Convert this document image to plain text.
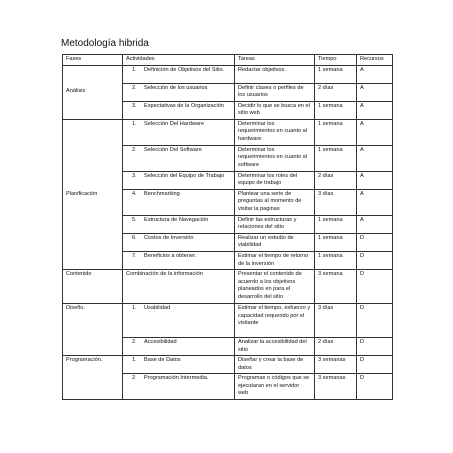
Metodología hibrida
Fases	Actividades	Tareas	Tiempo	Recursos
Análisis	1. Definición de Objetivos del Sitio.	Redactar objetivos.	1 semana	A
	2. Selección de los usuarios	Definir clases o perfiles de los usuarios	2 días	A
	3. Expectativas de la Organización	Decidir lo que se busca en el sitio web	1 semana	A
Planificación	1. Selección Del Hardware	Determinar los requerimientos en cuanto al hardware	1 semana	A
	2. Selección Del Software	Determinar los requerimientos en cuanto al software	1 semana	A
	3. Selección del Equipo de Trabajo	Determinar los roles del equipo de trabajo	2 días	A
	4. Benchmarking	Plantear una serie de preguntas al momento de visitar la paginas	3 días	A
	5. Estructura de Navegación	Definir las estructuras y relaciones del sitio	1 semana	A
	6. Costos de Inversión	Realizar un estudio de viabilidad	1 semana	D
	7. Beneficios a obtener.	Estimar el tiempo de retorno de la inversión	1 semana	D
Contenido	Combinación de la información	Presentar el contenido de acuerdo a los objetivos planeados en para el desarrollo del sitio	3 semana	D
Diseño.	1. Usabilidad	Estimar el tiempo, esfuerzo y capacidad requerido por el visitante	3 días	D
	2. Accesibilidad	Analizar la accesibilidad del sitio	2 días	D
Programación.	1. Base de Datos	Diseñar y crear la base de datos	3 semanas	D
	2. Programación Intermedia.	Programas o códigos que se ejecutaran en el servidor web	3 semanas	D
